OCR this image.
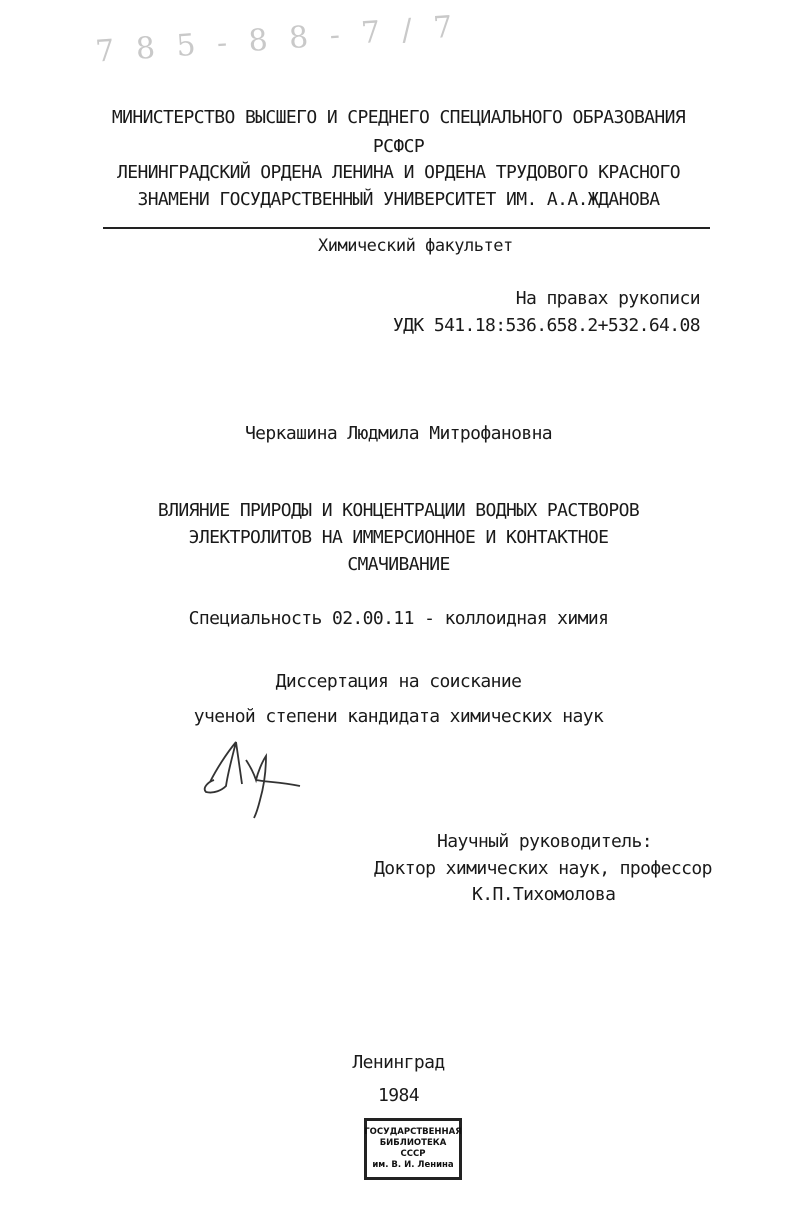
7 8 5 - 8 8 - 7 / 7
МИНИСТЕРСТВО ВЫСШЕГО И СРЕДНЕГО СПЕЦИАЛЬНОГО ОБРАЗОВАНИЯ
РСФСР
ЛЕНИНГРАДСКИЙ ОРДЕНА ЛЕНИНА И ОРДЕНА ТРУДОВОГО КРАСНОГО
ЗНАМЕНИ ГОСУДАРСТВЕННЫЙ УНИВЕРСИТЕТ ИМ. А.А.ЖДАНОВА
Химический факультет
На правах рукописи
УДК 541.18:536.658.2+532.64.08
Черкашина Людмила Митрофановна
ВЛИЯНИЕ ПРИРОДЫ И КОНЦЕНТРАЦИИ ВОДНЫХ РАСТВОРОВ
ЭЛЕКТРОЛИТОВ НА ИММЕРСИОННОЕ И КОНТАКТНОЕ
СМАЧИВАНИЕ
Специальность 02.00.11 - коллоидная химия
Диссертация на соискание
ученой степени кандидата химических наук
Научный руководитель:
Доктор химических наук, профессор
К.П.Тихомолова
Ленинград
1984
ГОСУДАРСТВЕННАЯ
БИБЛИОТЕКА
СССР
им. В. И. Ленина
